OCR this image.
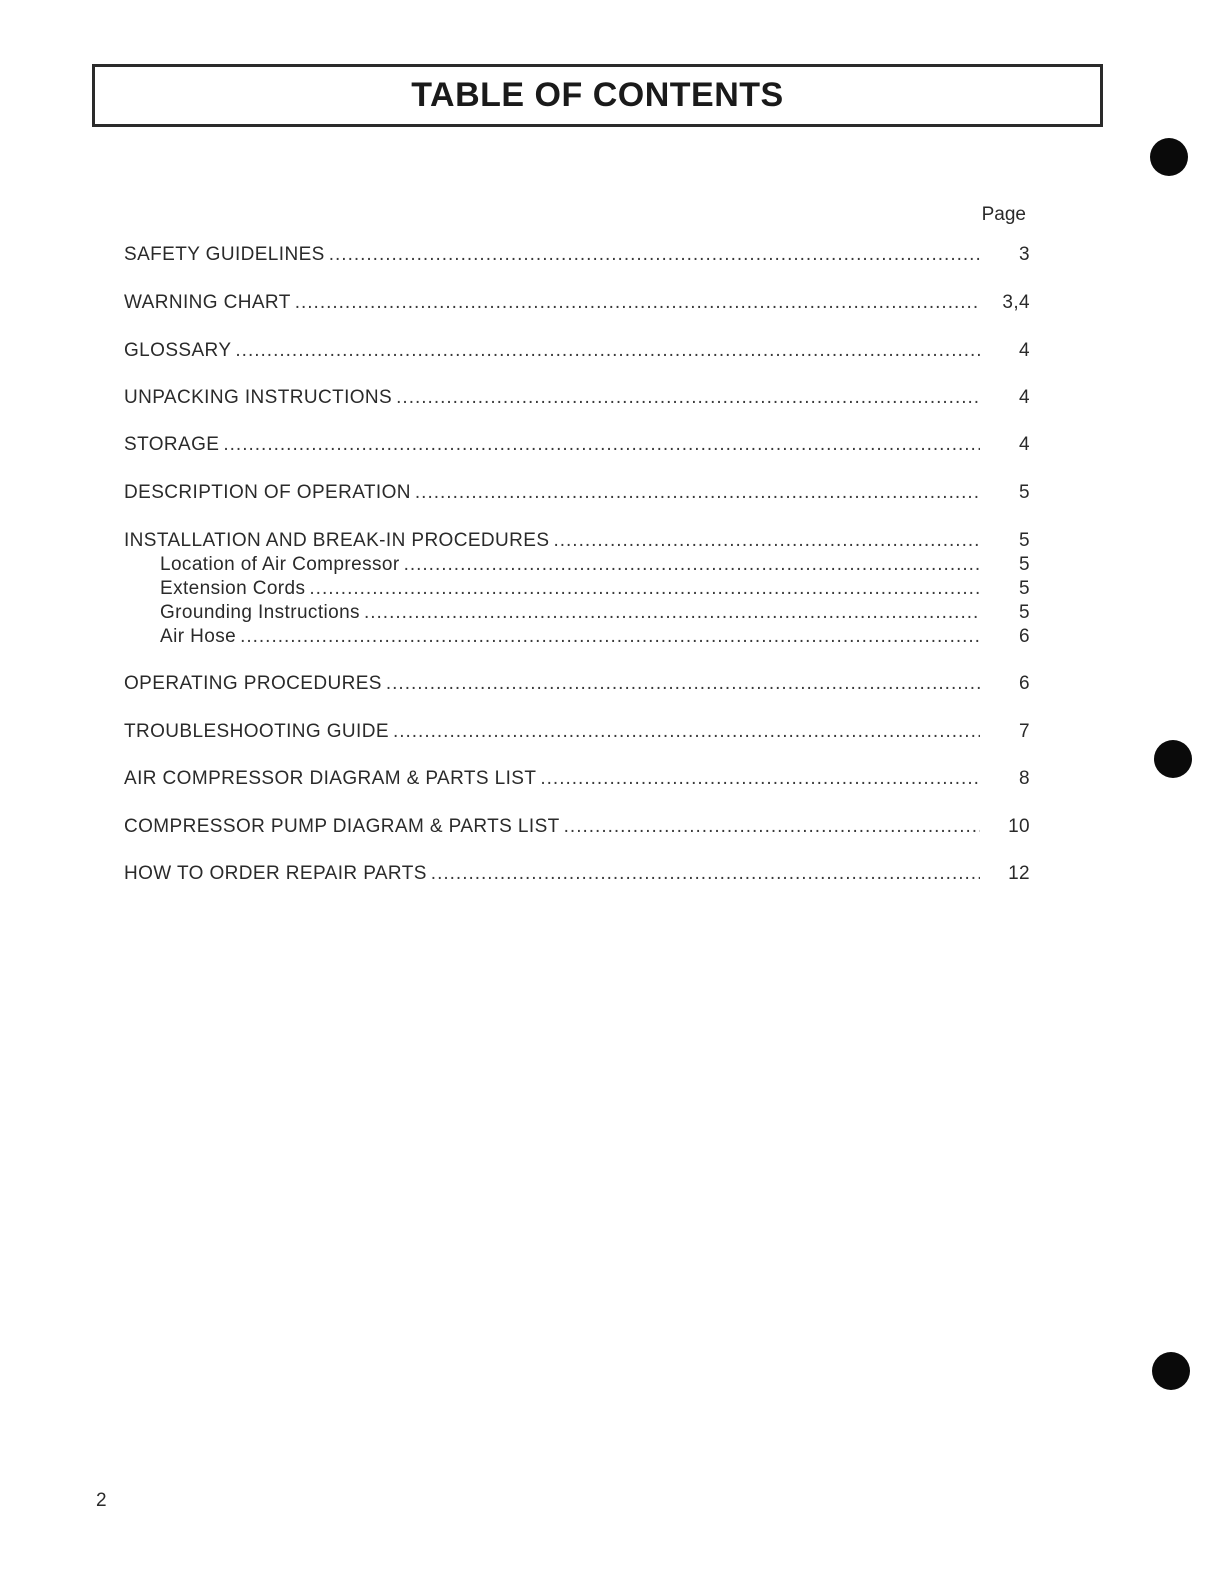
TABLE OF CONTENTS
Page
SAFETY GUIDELINES .....	3
WARNING CHART .....	3,4
GLOSSARY .....	4
UNPACKING INSTRUCTIONS .....	4
STORAGE .....	4
DESCRIPTION OF OPERATION .....	5
INSTALLATION AND BREAK-IN PROCEDURES .....	5
Location of Air Compressor .....	5
Extension Cords .....	5
Grounding Instructions .....	5
Air Hose .....	6
OPERATING PROCEDURES .....	6
TROUBLESHOOTING GUIDE .....	7
AIR COMPRESSOR DIAGRAM & PARTS LIST .....	8
COMPRESSOR PUMP DIAGRAM & PARTS LIST .....	10
HOW TO ORDER REPAIR PARTS .....	12
2
